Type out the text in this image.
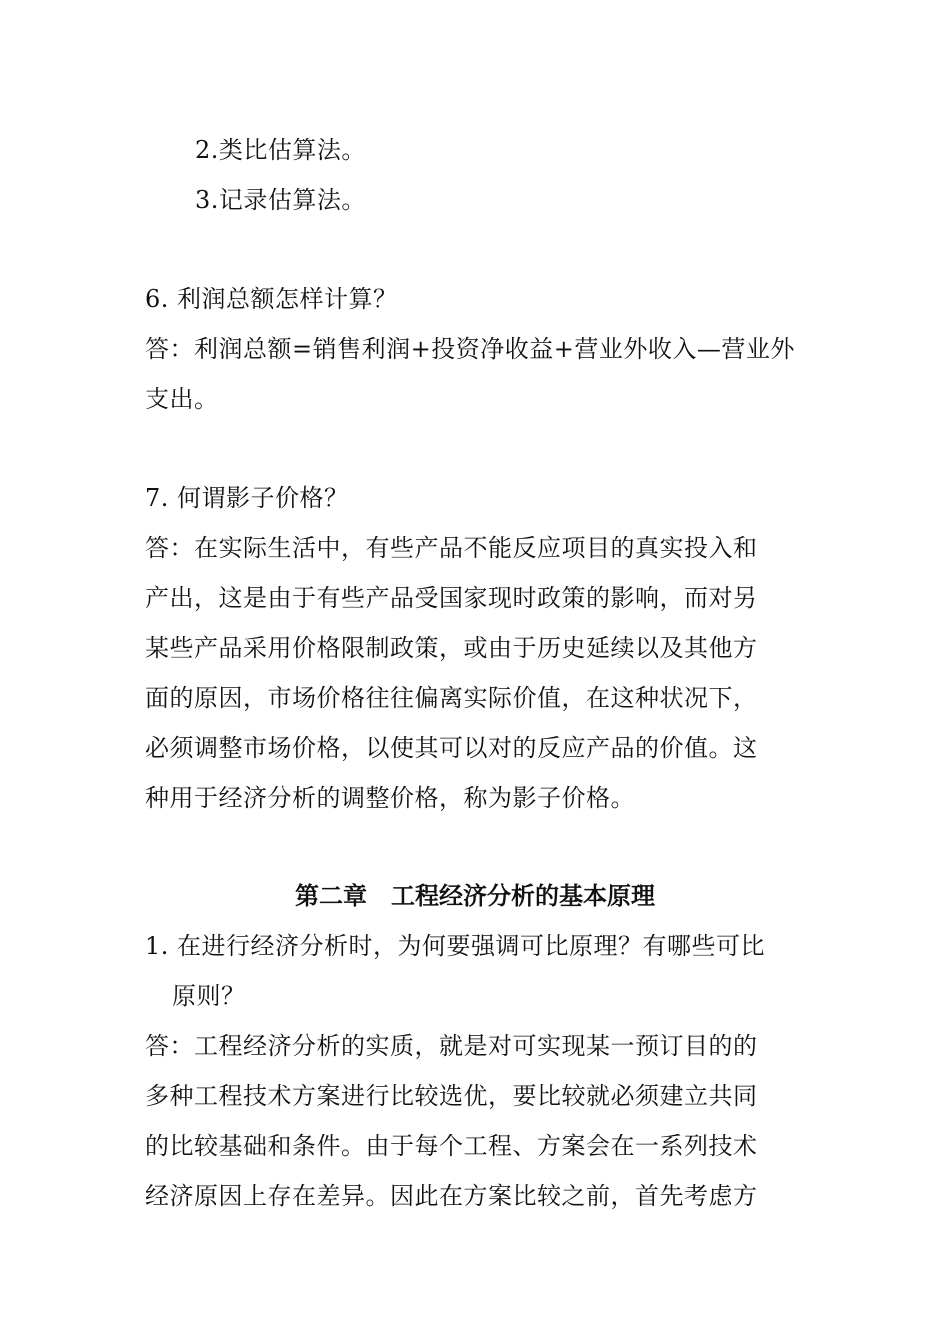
2.类比估算法。
3.记录估算法。
6. 利润总额怎样计算？
答：利润总额=销售利润+投资净收益+营业外收入—营业外
支出。
7. 何谓影子价格？
答：在实际生活中，有些产品不能反应项目的真实投入和
产出，这是由于有些产品受国家现时政策的影响，而对另
某些产品采用价格限制政策，或由于历史延续以及其他方
面的原因，市场价格往往偏离实际价值，在这种状况下，
必须调整市场价格，以使其可以对的反应产品的价值。这
种用于经济分析的调整价格，称为影子价格。
第二章　工程经济分析的基本原理
1. 在进行经济分析时，为何要强调可比原理？有哪些可比
原则？
答：工程经济分析的实质，就是对可实现某一预订目的的
多种工程技术方案进行比较选优，要比较就必须建立共同
的比较基础和条件。由于每个工程、方案会在一系列技术
经济原因上存在差异。因此在方案比较之前，首先考虑方
